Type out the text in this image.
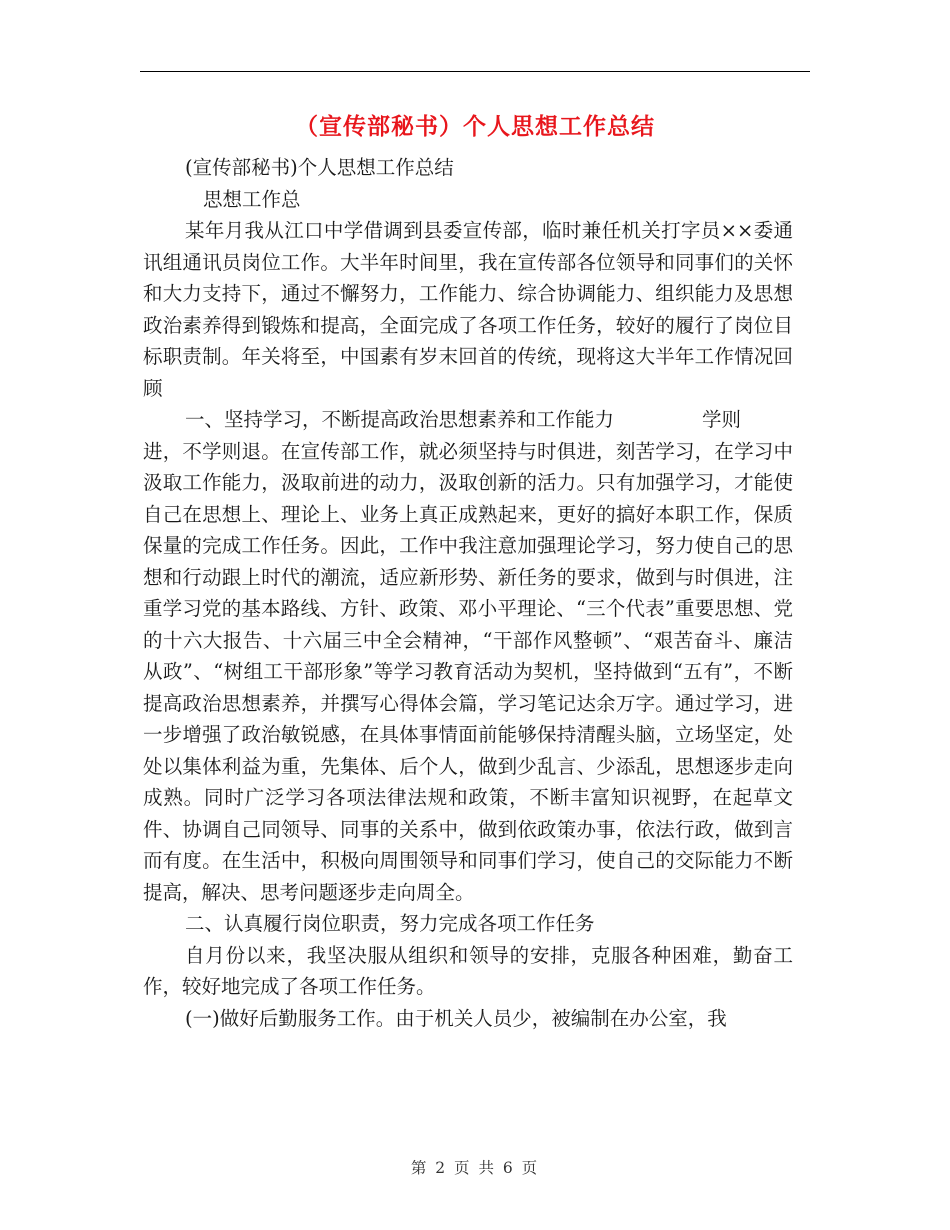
（宣传部秘书）个人思想工作总结

(宣传部秘书)个人思想工作总结

思想工作总

某年月我从江口中学借调到县委宣传部，临时兼任机关打字员××委通讯组通讯员岗位工作。大半年时间里，我在宣传部各位领导和同事们的关怀和大力支持下，通过不懈努力，工作能力、综合协调能力、组织能力及思想政治素养得到锻炼和提高，全面完成了各项工作任务，较好的履行了岗位目标职责制。年关将至，中国素有岁末回首的传统，现将这大半年工作情况回顾

一、坚持学习，不断提高政治思想素养和工作能力	学则

进，不学则退。在宣传部工作，就必须坚持与时俱进，刻苦学习，在学习中汲取工作能力，汲取前进的动力，汲取创新的活力。只有加强学习，才能使自己在思想上、理论上、业务上真正成熟起来，更好的搞好本职工作，保质保量的完成工作任务。因此，工作中我注意加强理论学习，努力使自己的思想和行动跟上时代的潮流，适应新形势、新任务的要求，做到与时俱进，注重学习党的基本路线、方针、政策、邓小平理论、“三个代表”重要思想、党的十六大报告、十六届三中全会精神，“干部作风整顿”、“艰苦奋斗、廉洁从政”、“树组工干部形象”等学习教育活动为契机，坚持做到“五有”，不断提高政治思想素养，并撰写心得体会篇，学习笔记达余万字。通过学习，进一步增强了政治敏锐感，在具体事情面前能够保持清醒头脑，立场坚定，处处以集体利益为重，先集体、后个人，做到少乱言、少添乱，思想逐步走向成熟。同时广泛学习各项法律法规和政策，不断丰富知识视野，在起草文件、协调自己同领导、同事的关系中，做到依政策办事，依法行政，做到言而有度。在生活中，积极向周围领导和同事们学习，使自己的交际能力不断提高，解决、思考问题逐步走向周全。

二、认真履行岗位职责，努力完成各项工作任务

自月份以来，我坚决服从组织和领导的安排，克服各种困难，勤奋工作，较好地完成了各项工作任务。

(一)做好后勤服务工作。由于机关人员少，被编制在办公室，我

第 2 页 共 6 页
